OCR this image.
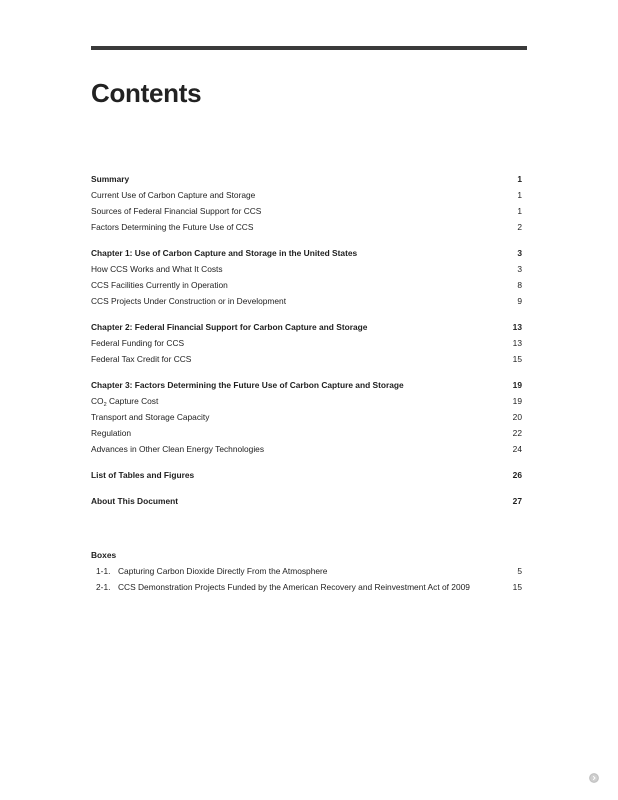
Contents
Summary	1
Current Use of Carbon Capture and Storage	1
Sources of Federal Financial Support for CCS	1
Factors Determining the Future Use of CCS	2
Chapter 1: Use of Carbon Capture and Storage in the United States	3
How CCS Works and What It Costs	3
CCS Facilities Currently in Operation	8
CCS Projects Under Construction or in Development	9
Chapter 2: Federal Financial Support for Carbon Capture and Storage	13
Federal Funding for CCS	13
Federal Tax Credit for CCS	15
Chapter 3: Factors Determining the Future Use of Carbon Capture and Storage	19
$CO_2$ Capture Cost	19
Transport and Storage Capacity	20
Regulation	22
Advances in Other Clean Energy Technologies	24
List of Tables and Figures	26
About This Document	27
Boxes
1-1. Capturing Carbon Dioxide Directly From the Atmosphere	5
2-1. CCS Demonstration Projects Funded by the American Recovery and Reinvestment Act of 2009	15
